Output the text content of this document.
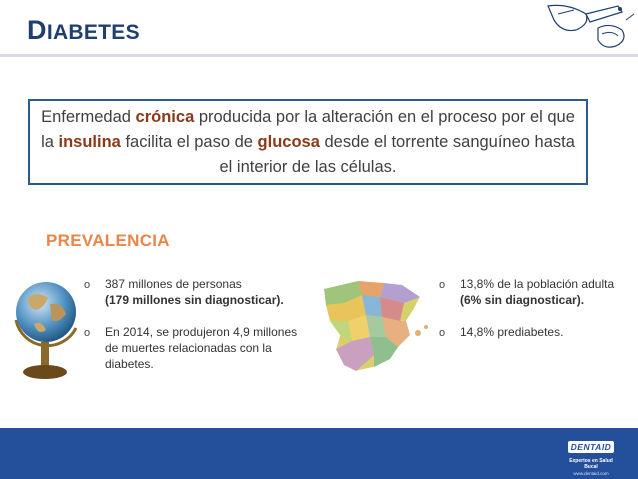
DIABETES
Enfermedad crónica producida por la alteración en el proceso por el que la insulina facilita el paso de glucosa desde el torrente sanguíneo hasta el interior de las células.
PREVALENCIA
o 387 millones de personas
(179 millones sin diagnosticar).
o En 2014, se produjeron 4,9 millones de muertes relacionadas con la diabetes.
o 13,8% de la población adulta
(6% sin diagnosticar).
o 14,8% prediabetes.
DENTAID
Expertos en Salud Bucal
www.dentaid.com
